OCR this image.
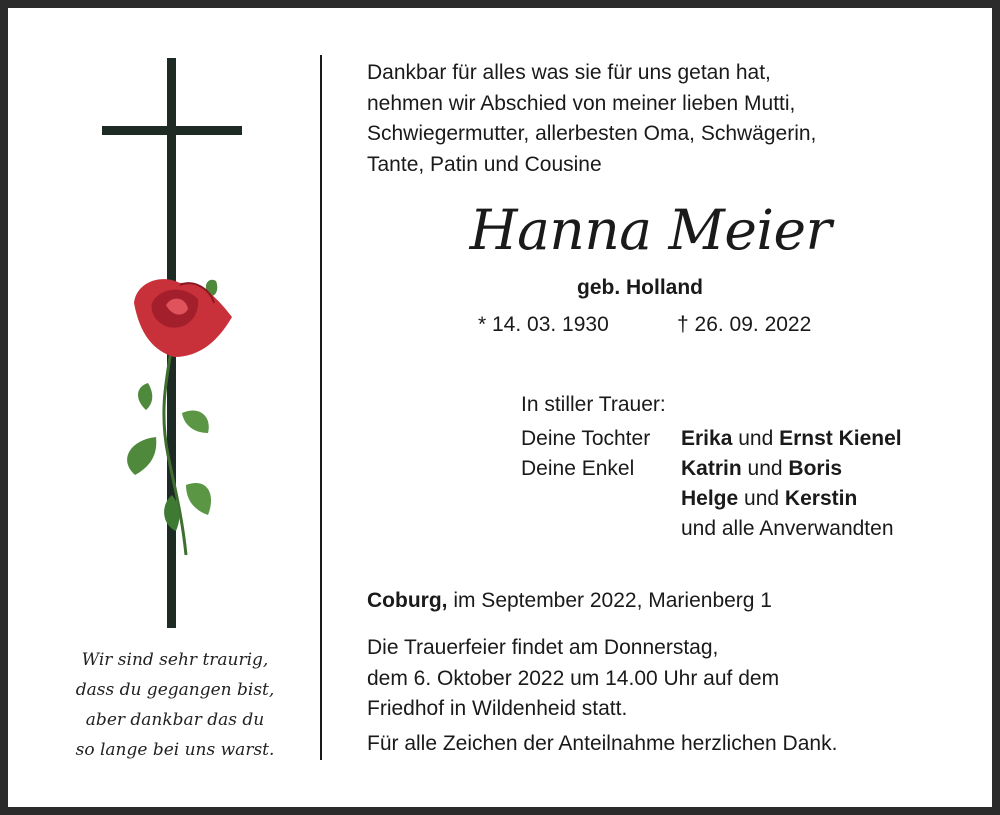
Wir sind sehr traurig,
dass du gegangen bist,
aber dankbar das du
so lange bei uns warst.
Dankbar für alles was sie für uns getan hat,
nehmen wir Abschied von meiner lieben Mutti,
Schwiegermutter, allerbesten Oma, Schwägerin,
Tante, Patin und Cousine
Hanna Meier
geb. Holland
* 14. 03. 1930	† 26. 09. 2022
In stiller Trauer:
Deine Tochter Erika und Ernst Kienel
Deine Enkel Katrin und Boris
Helge und Kerstin
und alle Anverwandten
Coburg, im September 2022, Marienberg 1
Die Trauerfeier findet am Donnerstag,
dem 6. Oktober 2022 um 14.00 Uhr auf dem
Friedhof in Wildenheid statt.
Für alle Zeichen der Anteilnahme herzlichen Dank.
